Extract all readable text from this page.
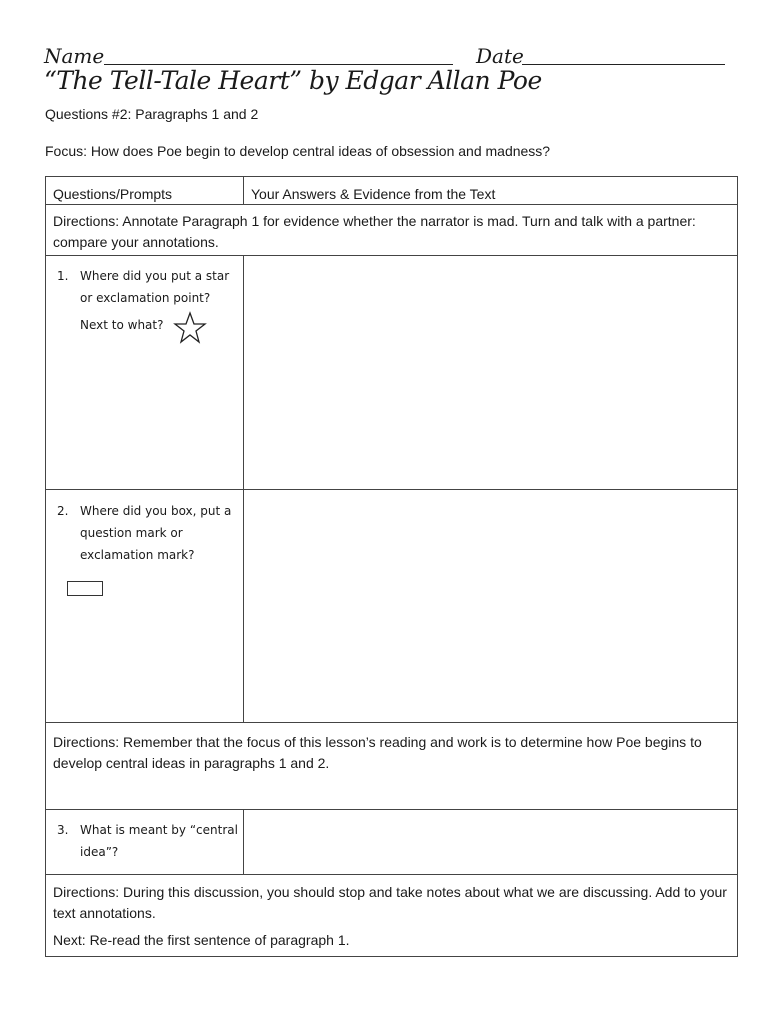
Name	Date
“The Tell-Tale Heart” by Edgar Allan Poe
Questions #2: Paragraphs 1 and 2
Focus: How does Poe begin to develop central ideas of obsession and madness?
Questions/Prompts	Your Answers & Evidence from the Text
Directions: Annotate Paragraph 1 for evidence whether the narrator is mad. Turn and talk with a partner: compare your annotations.
1. Where did you put a star or exclamation point?
Next to what?
2. Where did you box, put a question mark or exclamation mark?
Directions: Remember that the focus of this lesson’s reading and work is to determine how Poe begins to develop central ideas in paragraphs 1 and 2.
3. What is meant by “central idea”?
Directions: During this discussion, you should stop and take notes about what we are discussing. Add to your text annotations.
Next: Re-read the first sentence of paragraph 1.
